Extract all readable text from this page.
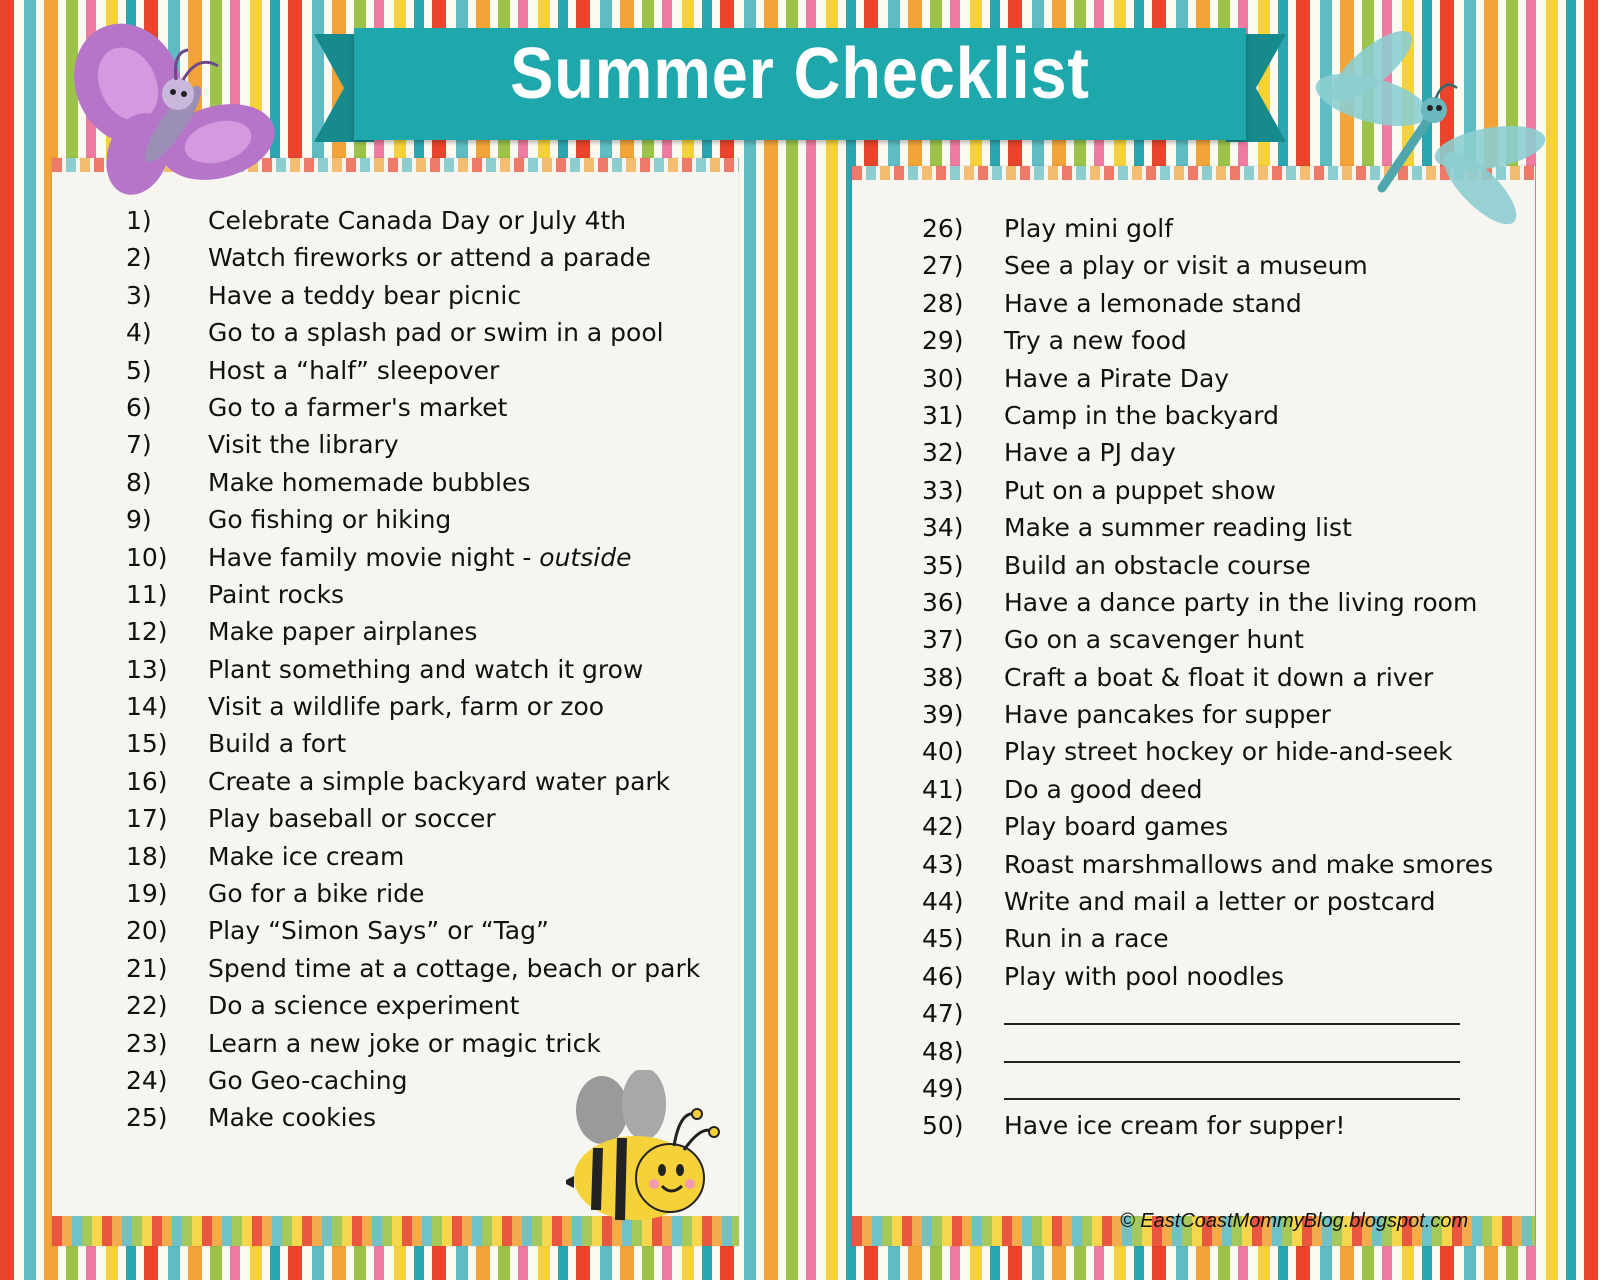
Summer Checklist
1)	Celebrate Canada Day or July 4th
2)	Watch fireworks or attend a parade
3)	Have a teddy bear picnic
4)	Go to a splash pad or swim in a pool
5)	Host a “half” sleepover
6)	Go to a farmer's market
7)	Visit the library
8)	Make homemade bubbles
9)	Go fishing or hiking
10)	Have family movie night - outside
11)	Paint rocks
12)	Make paper airplanes
13)	Plant something and watch it grow
14)	Visit a wildlife park, farm or zoo
15)	Build a fort
16)	Create a simple backyard water park
17)	Play baseball or soccer
18)	Make ice cream
19)	Go for a bike ride
20)	Play “Simon Says” or “Tag”
21)	Spend time at a cottage, beach or park
22)	Do a science experiment
23)	Learn a new joke or magic trick
24)	Go Geo-caching
25)	Make cookies
26)	Play mini golf
27)	See a play or visit a museum
28)	Have a lemonade stand
29)	Try a new food
30)	Have a Pirate Day
31)	Camp in the backyard
32)	Have a PJ day
33)	Put on a puppet show
34)	Make a summer reading list
35)	Build an obstacle course
36)	Have a dance party in the living room
37)	Go on a scavenger hunt
38)	Craft a boat & float it down a river
39)	Have pancakes for supper
40)	Play street hockey or hide-and-seek
41)	Do a good deed
42)	Play board games
43)	Roast marshmallows and make smores
44)	Write and mail a letter or postcard
45)	Run in a race
46)	Play with pool noodles
47)
48)
49)
50)	Have ice cream for supper!
© EastCoastMommyBlog.blogspot.com
